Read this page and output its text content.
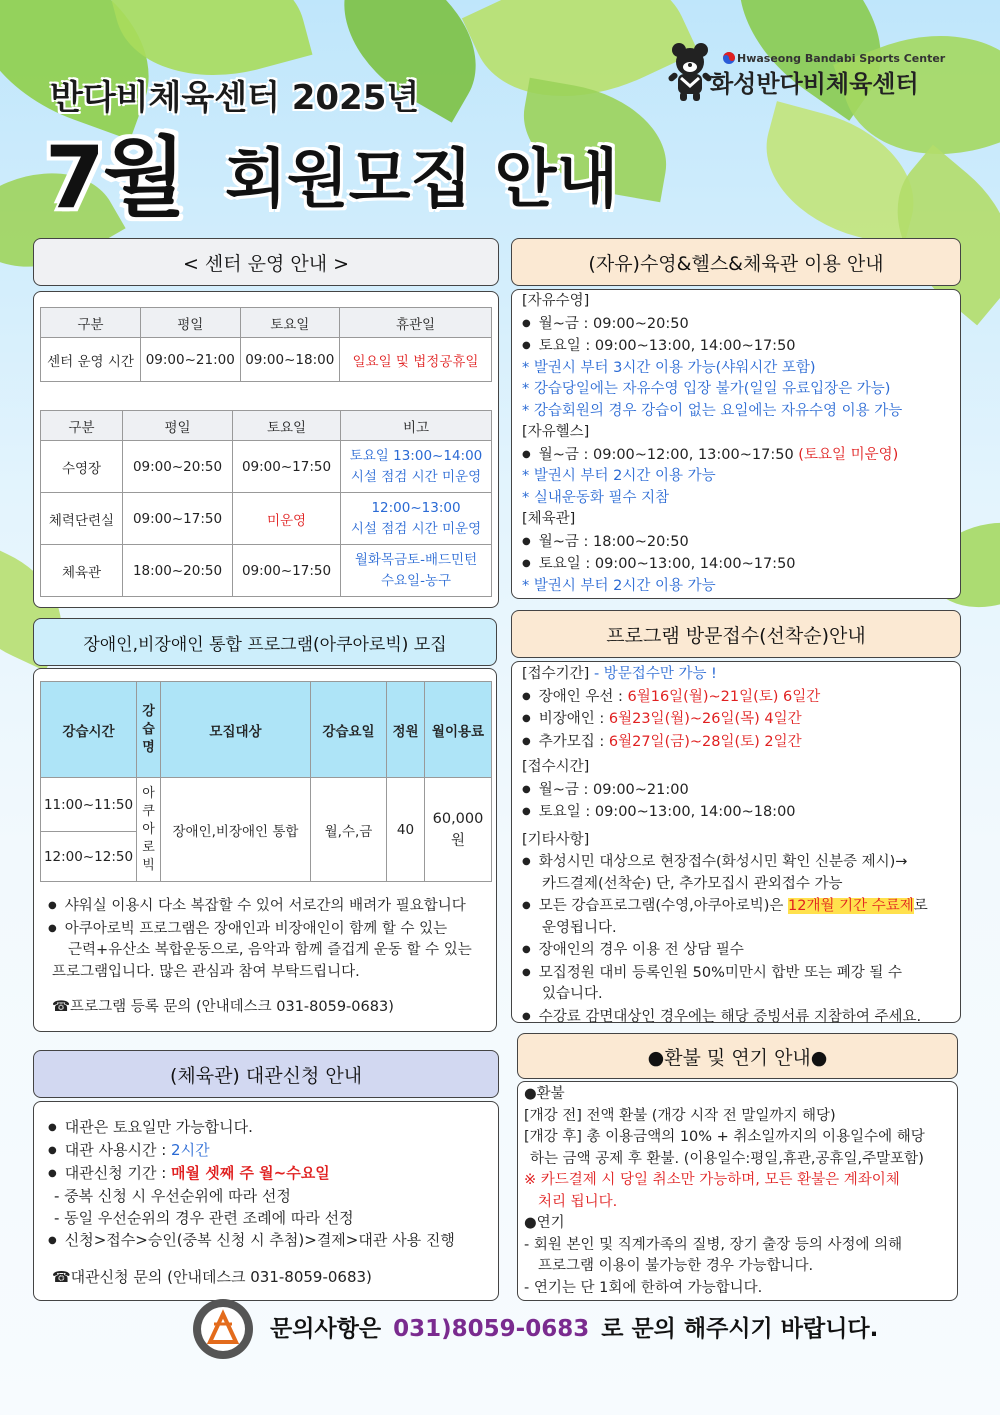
반다비체육센터 2025년
7월 회원모집 안내
Hwaseong Bandabi Sports Center
화성반다비체육센터
< 센터 운영 안내 >
구분	평일	토요일	휴관일
센터 운영 시간	09:00~21:00	09:00~18:00	일요일 및 법정공휴일
구분	평일	토요일	비고
수영장	09:00~20:50	09:00~17:50	토요일 13:00~14:00
시설 점검 시간 미운영

체력단련실	09:00~17:50	미운영	12:00~13:00
시설 점검 시간 미운영

체육관	18:00~20:50	09:00~17:50	월화목금토-배드민턴
수요일-농구
(자유)수영&헬스&체육관 이용 안내

[자유수영]

● 월~금 : 09:00~20:50

● 토요일 : 09:00~13:00, 14:00~17:50

* 발권시 부터 3시간 이용 가능(샤워시간 포함)

* 강습당일에는 자유수영 입장 불가(일일 유료입장은 가능)

* 강습회원의 경우 강습이 없는 요일에는 자유수영 이용 가능

[자유헬스]

● 월~금 : 09:00~12:00, 13:00~17:50 (토요일 미운영)

* 발권시 부터 2시간 이용 가능

* 실내운동화 필수 지참

[체육관]

● 월~금 : 18:00~20:50

● 토요일 : 09:00~13:00, 14:00~17:50

* 발권시 부터 2시간 이용 가능

장애인,비장애인 통합 프로그램(아쿠아로빅) 모집
강습시간	강습명	모집대상	강습요일	정원	월이용료
11:00~11:50	아쿠아로빅	장애인,비장애인 통합	월,수,금	40	60,000
원

12:00~12:50					

● 샤워실 이용시 다소 복잡할 수 있어 서로간의 배려가 필요합니다

● 아쿠아로빅 프로그램은 장애인과 비장애인이 함께 할 수 있는

근력+유산소 복합운동으로, 음악과 함께 즐겁게 운동 할 수 있는

프로그램입니다. 많은 관심과 참여 부탁드립니다.

☎프로그램 등록 문의 (안내데스크 031-8059-0683)

프로그램 방문접수(선착순)안내

[접수기간] - 방문접수만 가능 !

● 장애인 우선 : 6월16일(월)~21일(토) 6일간

● 비장애인 : 6월23일(월)~26일(목) 4일간

● 추가모집 : 6월27일(금)~28일(토) 2일간

[접수시간]

● 월~금 : 09:00~21:00

● 토요일 : 09:00~13:00, 14:00~18:00

[기타사항]

● 화성시민 대상으로 현장접수(화성시민 확인 신분증 제시)→

카드결제(선착순) 단, 추가모집시 관외접수 가능

● 모든 강습프로그램(수영,아쿠아로빅)은 12개월 기간 수료제로

운영됩니다.

● 장애인의 경우 이용 전 상담 필수

● 모집정원 대비 등록인원 50%미만시 합반 또는 폐강 될 수

있습니다.

● 수강료 감면대상인 경우에는 해당 증빙서류 지참하여 주세요.

(체육관) 대관신청 안내

● 대관은 토요일만 가능합니다.

● 대관 사용시간 : 2시간

● 대관신청 기간 : 매월 셋째 주 월~수요일

- 중복 신청 시 우선순위에 따라 선정

- 동일 우선순위의 경우 관련 조례에 따라 선정

● 신청>접수>승인(중복 신청 시 추첨)>결제>대관 사용 진행

☎대관신청 문의 (안내데스크 031-8059-0683)

●환불 및 연기 안내●

●환불

[개강 전] 전액 환불 (개강 시작 전 말일까지 해당)

[개강 후] 총 이용금액의 10% + 취소일까지의 이용일수에 해당

하는 금액 공제 후 환불. (이용일수:평일,휴관,공휴일,주말포함)

※ 카드결제 시 당일 취소만 가능하며, 모든 환불은 계좌이체

처리 됩니다.

●연기

- 회원 본인 및 직계가족의 질병, 장기 출장 등의 사정에 의해

프로그램 이용이 불가능한 경우 가능합니다.

- 연기는 단 1회에 한하여 가능합니다.

문의사항은 031)8059-0683 로 문의 해주시기 바랍니다.
